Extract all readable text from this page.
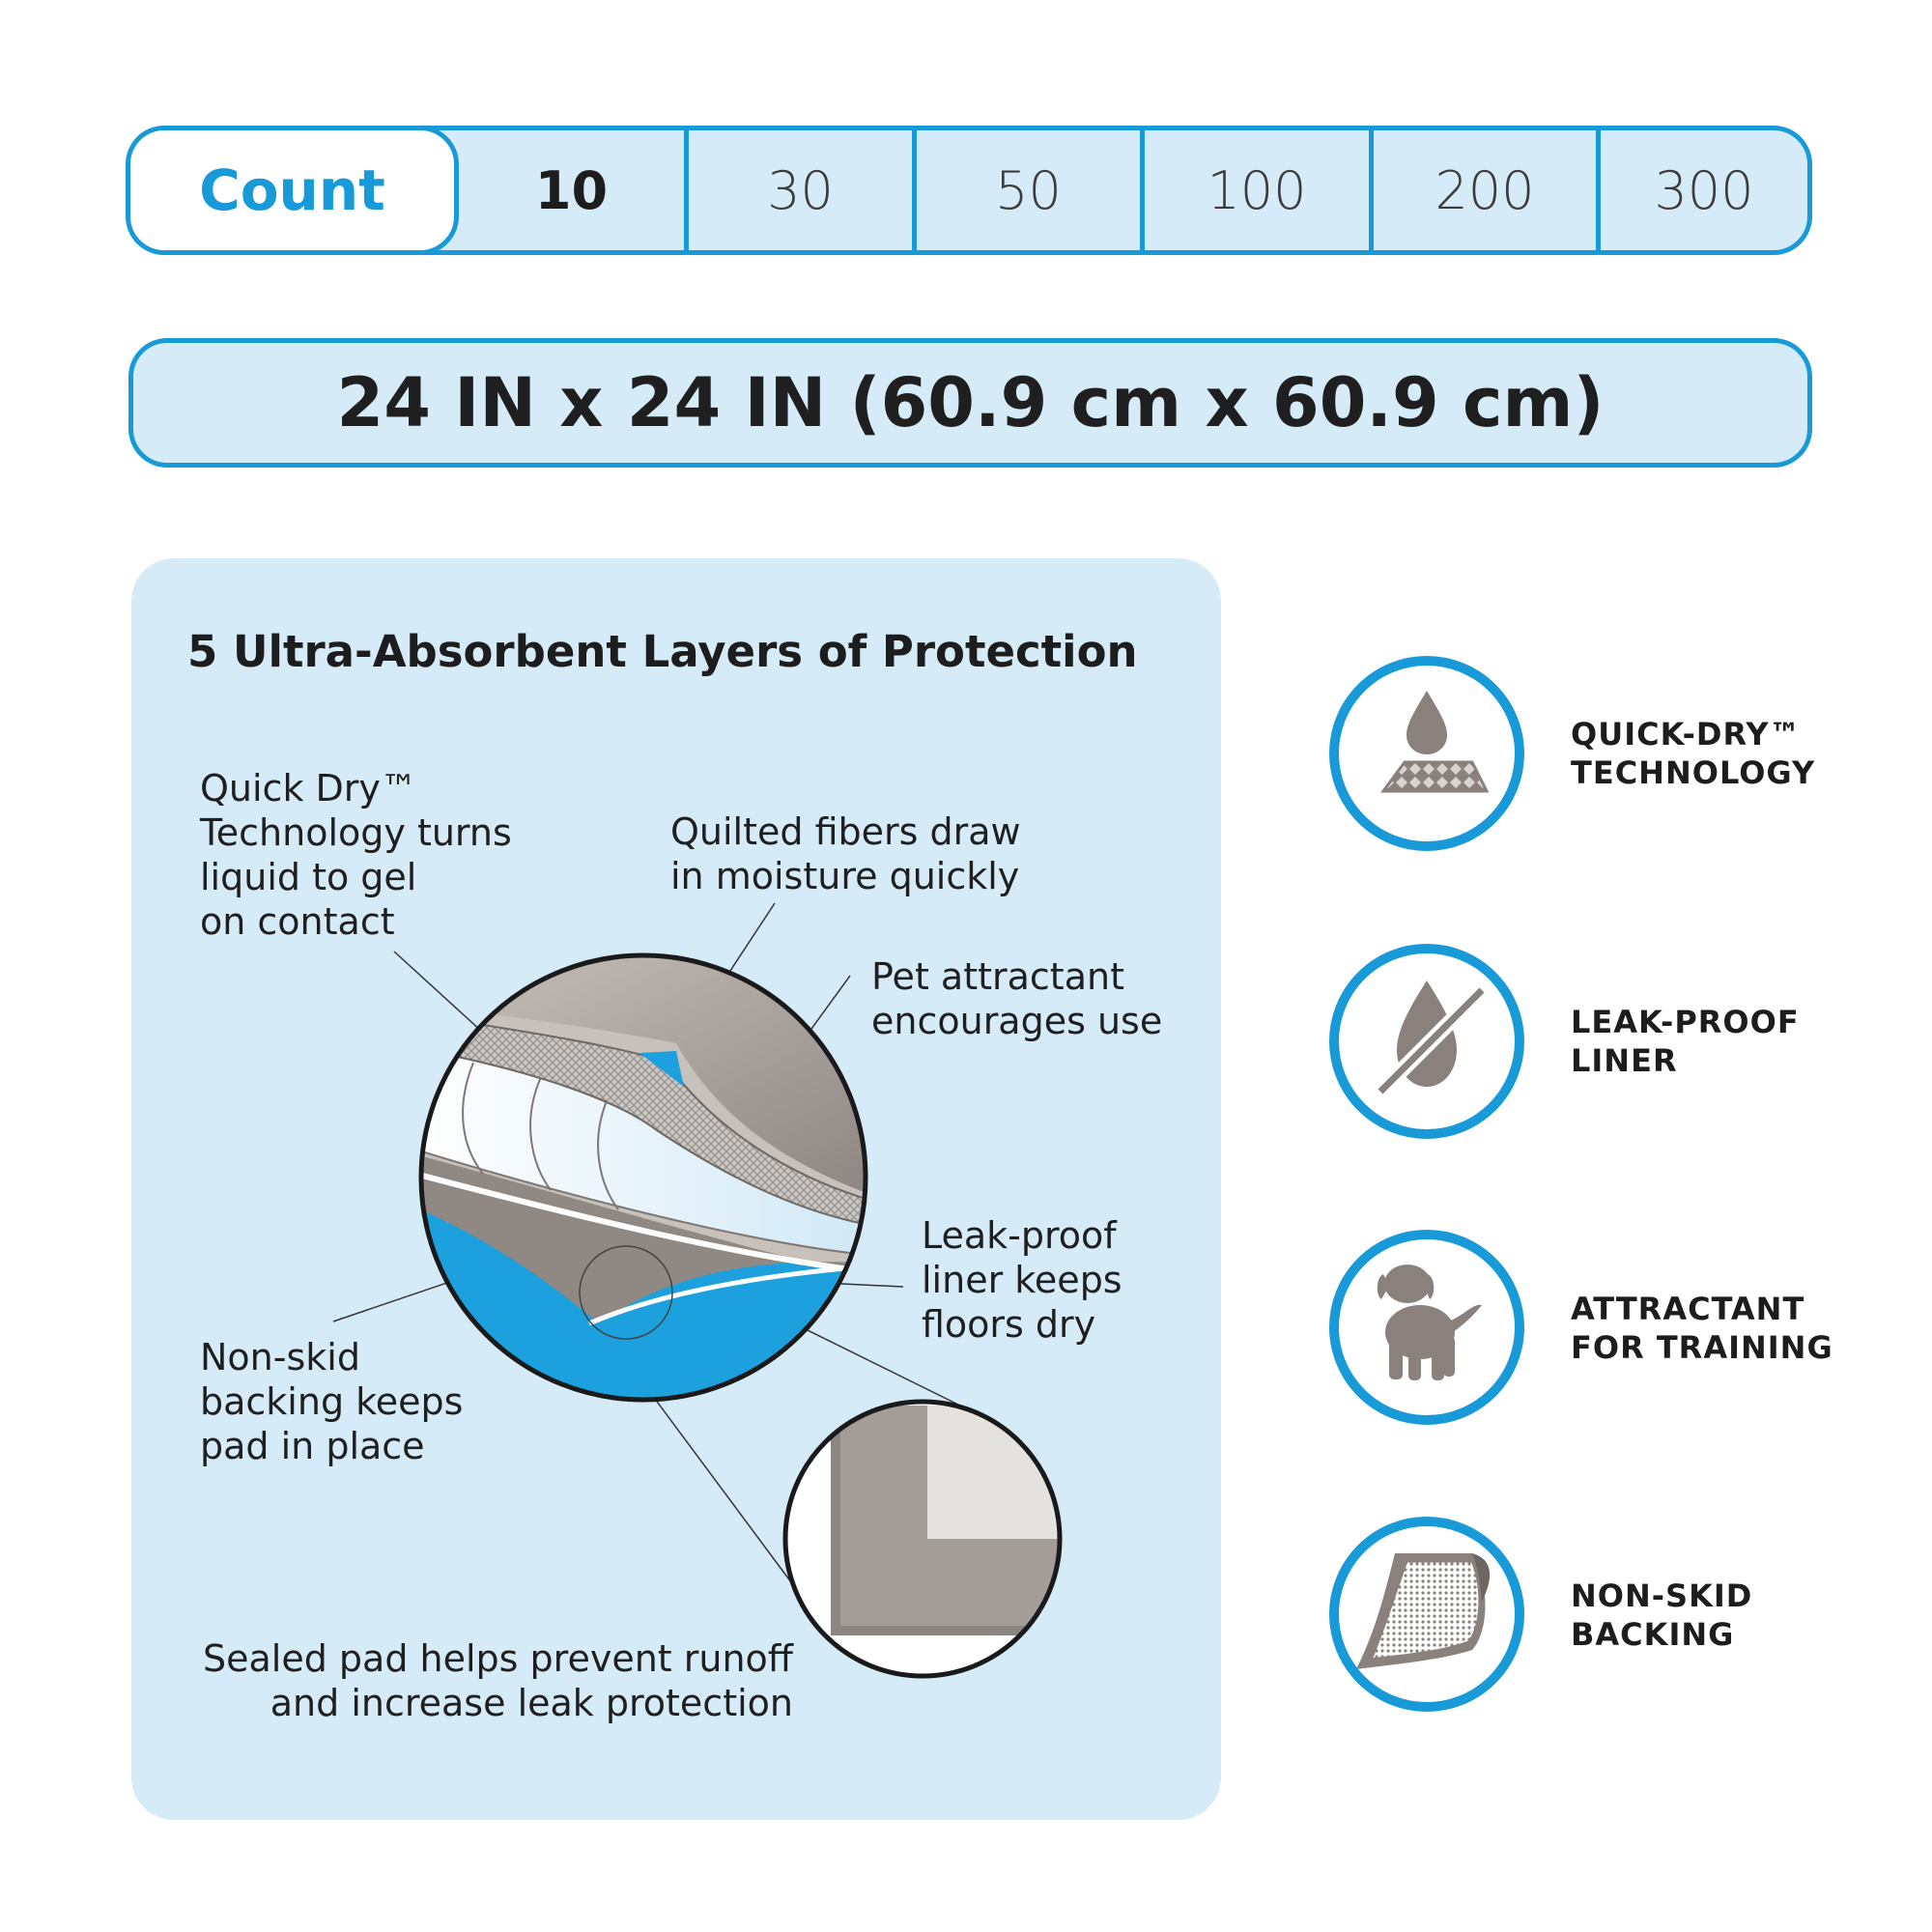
10	30	50	100	200	300
Count
24 IN x 24 IN (60.9 cm x 60.9 cm)
5 Ultra-Absorbent Layers of Protection
Quick Dry™
Technology turns
liquid to gel
on contact
Quilted fibers draw
in moisture quickly
Pet attractant
encourages use
Leak-proof
liner keeps
floors dry
Non-skid
backing keeps
pad in place
Sealed pad helps prevent runoff
and increase leak protection
QUICK-DRY™
TECHNOLOGY
LEAK-PROOF
LINER
ATTRACTANT
FOR TRAINING
NON-SKID
BACKING
